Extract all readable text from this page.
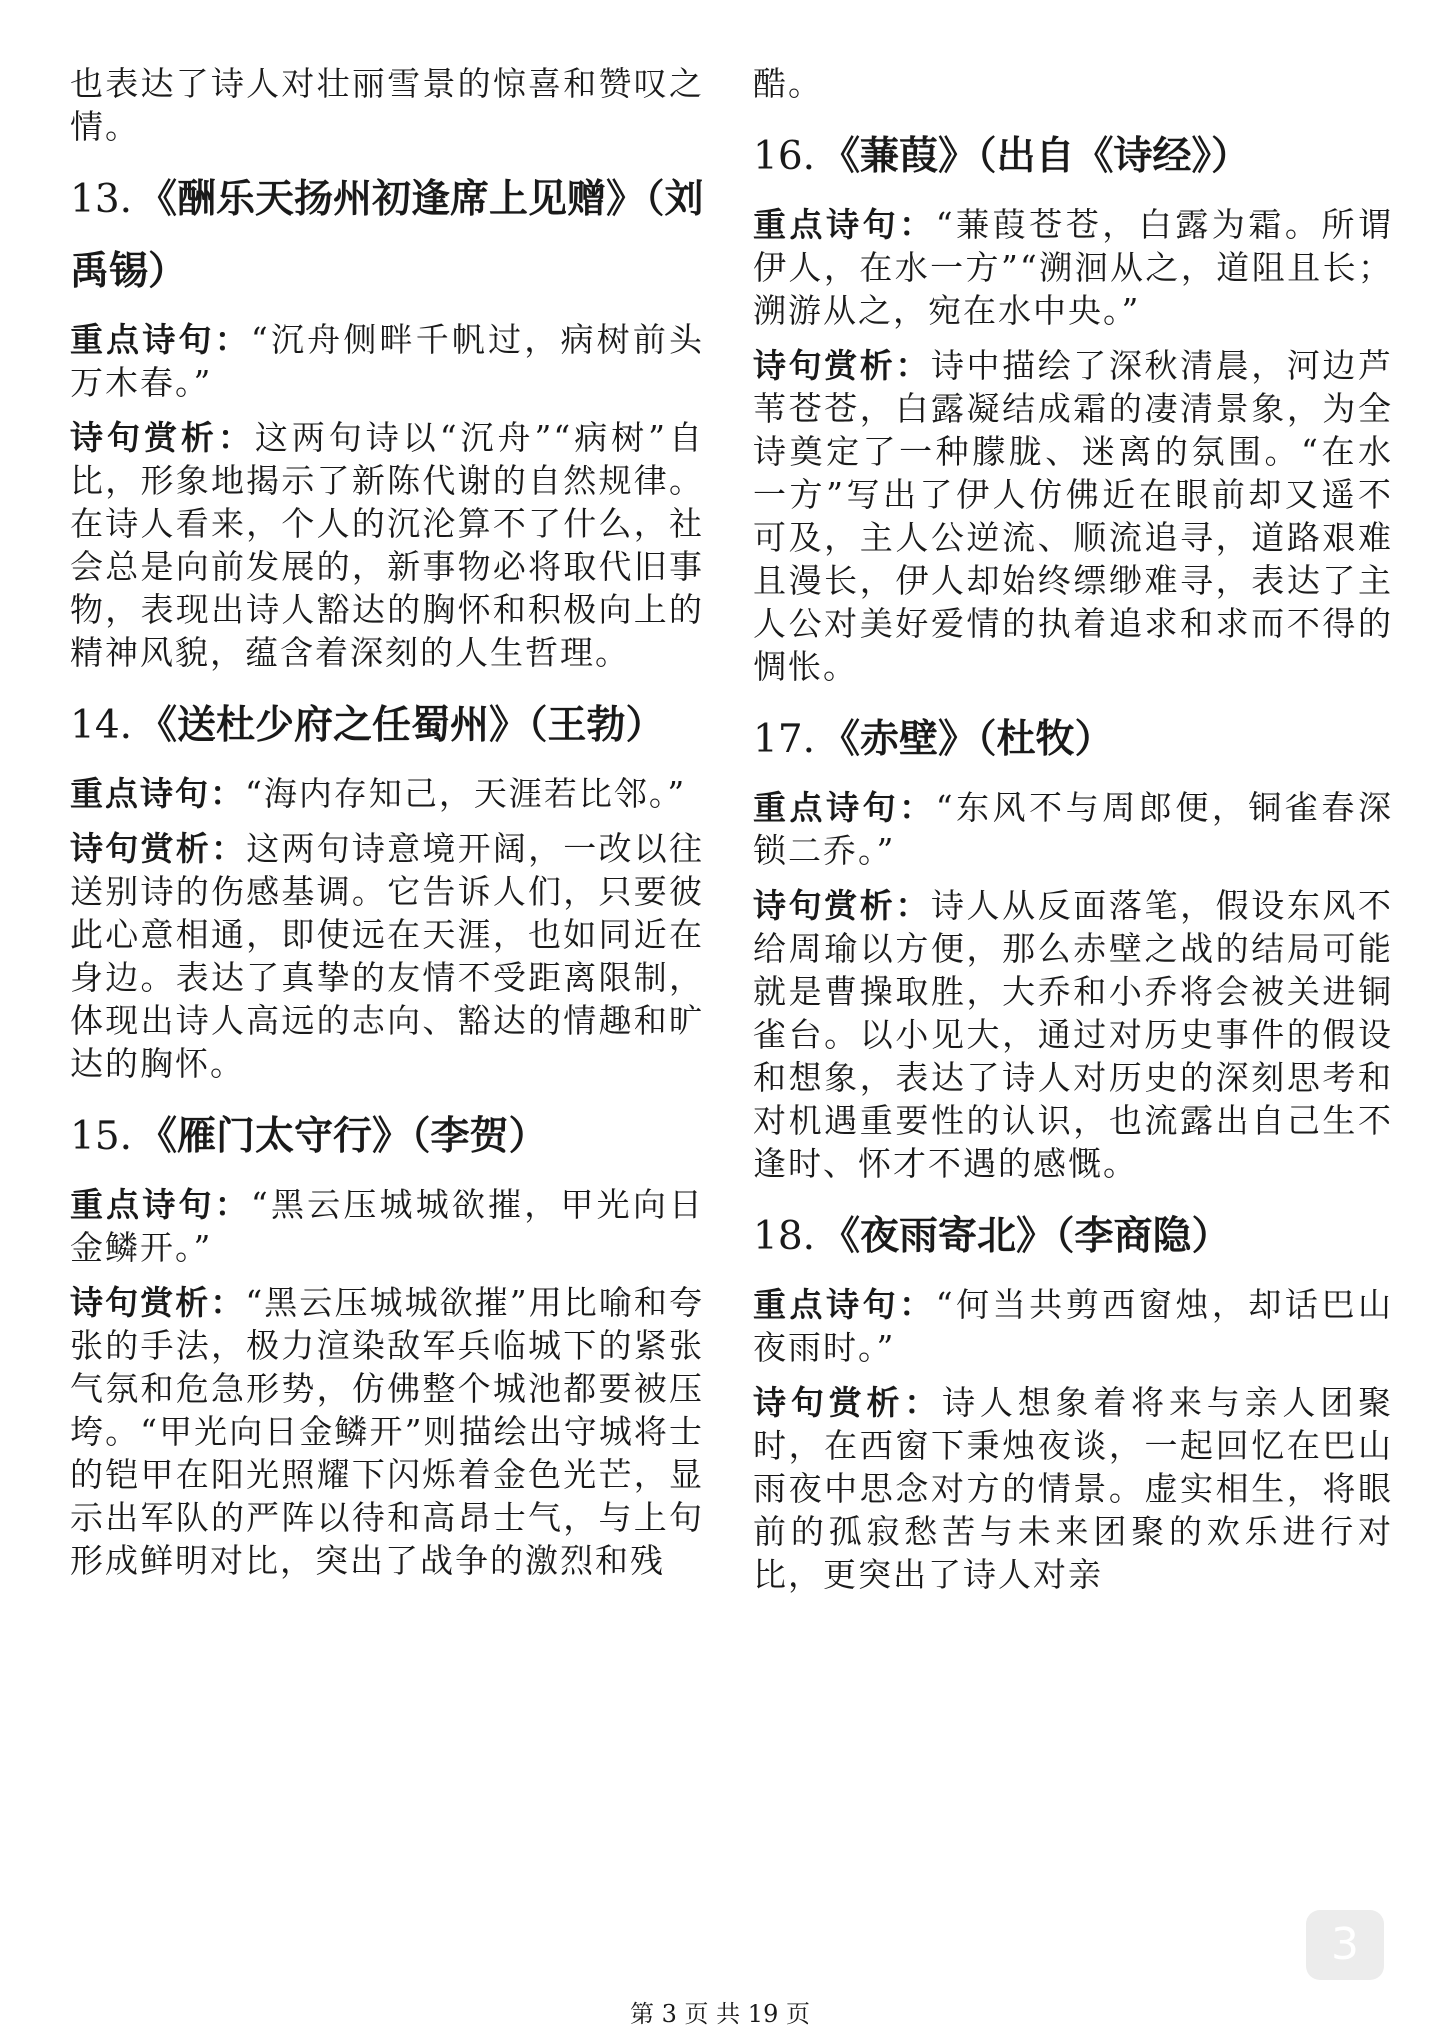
也表达了诗人对壮丽雪景的惊喜和赞叹之情。

13. 《酬乐天扬州初逢席上见赠》（刘禹锡）

重点诗句：“沉舟侧畔千帆过，病树前头万木春。”

诗句赏析：这两句诗以“沉舟”“病树”自比，形象地揭示了新陈代谢的自然规律。在诗人看来，个人的沉沦算不了什么，社会总是向前发展的，新事物必将取代旧事物，表现出诗人豁达的胸怀和积极向上的精神风貌，蕴含着深刻的人生哲理。

14. 《送杜少府之任蜀州》（王勃）

重点诗句：“海内存知己，天涯若比邻。”

诗句赏析：这两句诗意境开阔，一改以往送别诗的伤感基调。它告诉人们，只要彼此心意相通，即使远在天涯，也如同近在身边。表达了真挚的友情不受距离限制，体现出诗人高远的志向、豁达的情趣和旷达的胸怀。

15. 《雁门太守行》（李贺）

重点诗句：“黑云压城城欲摧，甲光向日金鳞开。”

诗句赏析：“黑云压城城欲摧”用比喻和夸张的手法，极力渲染敌军兵临城下的紧张气氛和危急形势，仿佛整个城池都要被压垮。“甲光向日金鳞开”则描绘出守城将士的铠甲在阳光照耀下闪烁着金色光芒，显示出军队的严阵以待和高昂士气，与上句形成鲜明对比，突出了战争的激烈和残

酷。

16. 《蒹葭》（出自《诗经》）

重点诗句：“蒹葭苍苍，白露为霜。所谓伊人，在水一方”“溯洄从之，道阻且长；溯游从之，宛在水中央。”

诗句赏析：诗中描绘了深秋清晨，河边芦苇苍苍，白露凝结成霜的凄清景象，为全诗奠定了一种朦胧、迷离的氛围。“在水一方”写出了伊人仿佛近在眼前却又遥不可及，主人公逆流、顺流追寻，道路艰难且漫长，伊人却始终缥缈难寻，表达了主人公对美好爱情的执着追求和求而不得的惆怅。

17. 《赤壁》（杜牧）

重点诗句：“东风不与周郎便，铜雀春深锁二乔。”

诗句赏析：诗人从反面落笔，假设东风不给周瑜以方便，那么赤壁之战的结局可能就是曹操取胜，大乔和小乔将会被关进铜雀台。以小见大，通过对历史事件的假设和想象，表达了诗人对历史的深刻思考和对机遇重要性的认识，也流露出自己生不逢时、怀才不遇的感慨。

18. 《夜雨寄北》（李商隐）

重点诗句：“何当共剪西窗烛，却话巴山夜雨时。”

诗句赏析：诗人想象着将来与亲人团聚时，在西窗下秉烛夜谈，一起回忆在巴山雨夜中思念对方的情景。虚实相生，将眼前的孤寂愁苦与未来团聚的欢乐进行对比，更突出了诗人对亲

3
第 3 页 共 19 页
